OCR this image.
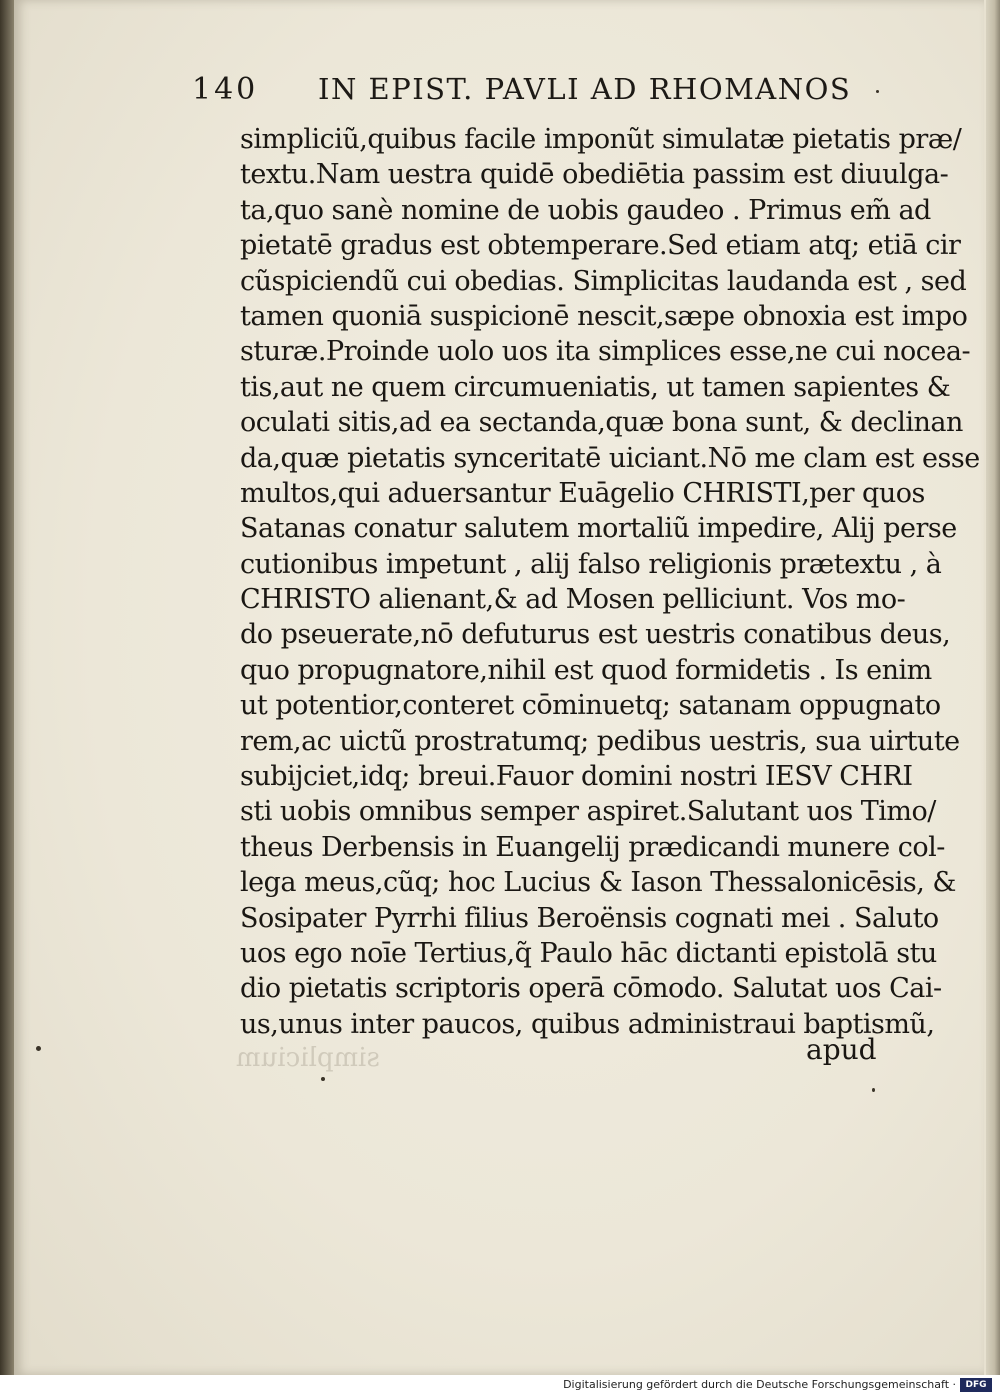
140 IN EPIST. PAVLI AD RHOMANOS
simpliciũ,quibus facile imponũt simulatæ pietatis præ/
textu.Nam uestra quidē obediētia passim est diuulga-
ta,quo sanè nomine de uobis gaudeo . Primus em̃ ad
pietatē gradus est obtemperare.Sed etiam atq; etiā cir
cũspiciendũ cui obedias. Simplicitas laudanda est , sed
tamen quoniā suspicionē nescit,sæpe obnoxia est impo
sturæ.Proinde uolo uos ita simplices esse,ne cui nocea-
tis,aut ne quem circumueniatis, ut tamen sapientes &
oculati sitis,ad ea sectanda,quæ bona sunt, & declinan
da,quæ pietatis synceritatē uiciant.Nō me clam est esse
multos,qui aduersantur Euāgelio CHRISTI,per quos
Satanas conatur salutem mortaliũ impedire, Alij perse
cutionibus impetunt , alij falso religionis prætextu , à
CHRISTO alienant,& ad Mosen pelliciunt. Vos mo-
do pseuerate,nō defuturus est uestris conatibus deus,
quo propugnatore,nihil est quod formidetis . Is enim
ut potentior,conteret cōminuetq; satanam oppugnato
rem,ac uictũ prostratumq; pedibus uestris, sua uirtute
subijciet,idq; breui.Fauor domini nostri IESV CHRI
sti uobis omnibus semper aspiret.Salutant uos Timo/
theus Derbensis in Euangelij prædicandi munere col-
lega meus,cũq; hoc Lucius & Iason Thessalonicēsis, &
Sosipater Pyrrhi filius Beroënsis cognati mei . Saluto
uos ego noīe Tertius,q̃ Paulo hāc dictanti epistolā stu
dio pietatis scriptoris operā cōmodo. Salutat uos Cai-
us,unus inter paucos, quibus administraui baptismũ,
simplicium	apud
Digitalisierung gefördert durch die Deutsche Forschungsgemeinschaft ·	DFG
